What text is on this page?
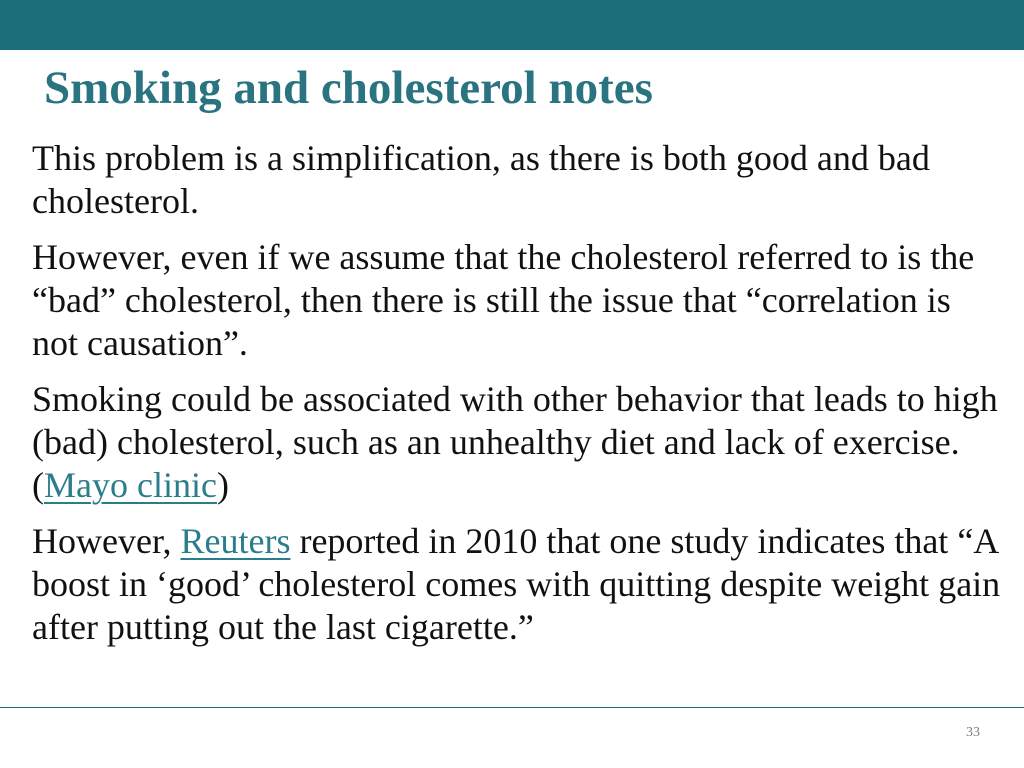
Smoking and cholesterol notes

This problem is a simplification, as there is both good and bad cholesterol.

However, even if we assume that the cholesterol referred to is the “bad” cholesterol, then there is still the issue that “correlation is not causation”.

Smoking could be associated with other behavior that leads to high (bad) cholesterol, such as an unhealthy diet and lack of exercise. (Mayo clinic)

However, Reuters reported in 2010 that one study indicates that “A boost in ‘good’ cholesterol comes with quitting despite weight gain after putting out the last cigarette.”

33
